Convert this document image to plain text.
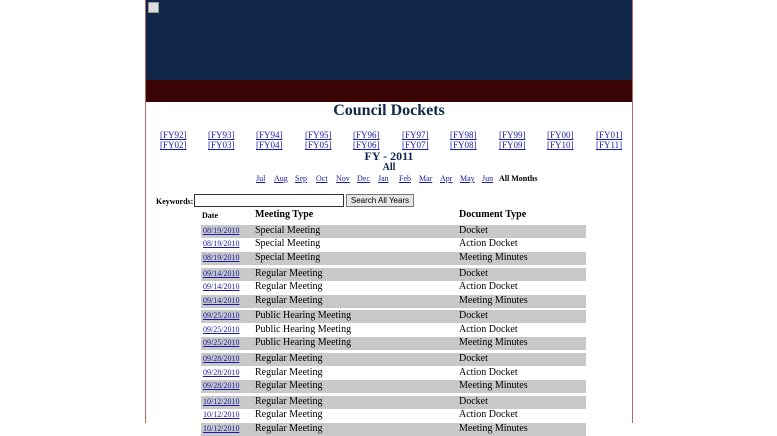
Council Dockets
[FY92] [FY93] [FY94]	[FY95] [FY96]	[FY97] [FY98]	[FY99] [FY00]	[FY01]
[FY02] [FY03] [FY04]	[FY05] [FY06]	[FY07] [FY08]	[FY09] [FY10]	[FY11]
FY - 2011
All
Jul Aug Sep Oct Nov Dec Jan Feb Mar Apr May Jun All Months
Keywords:	Search All Years
Date	Meeting Type	Document Type
08/19/2010 Special Meeting	Docket
08/19/2010 Special Meeting	Action Docket
08/19/2010 Special Meeting	Meeting Minutes
09/14/2010 Regular Meeting	Docket
09/14/2010 Regular Meeting	Action Docket
09/14/2010 Regular Meeting	Meeting Minutes
09/25/2010 Public Hearing Meeting	Docket
09/25/2010 Public Hearing Meeting	Action Docket
09/25/2010 Public Hearing Meeting	Meeting Minutes
09/28/2010 Regular Meeting	Docket
09/28/2010 Regular Meeting	Action Docket
09/28/2010 Regular Meeting	Meeting Minutes
10/12/2010 Regular Meeting	Docket
10/12/2010 Regular Meeting	Action Docket
10/12/2010 Regular Meeting	Meeting Minutes
